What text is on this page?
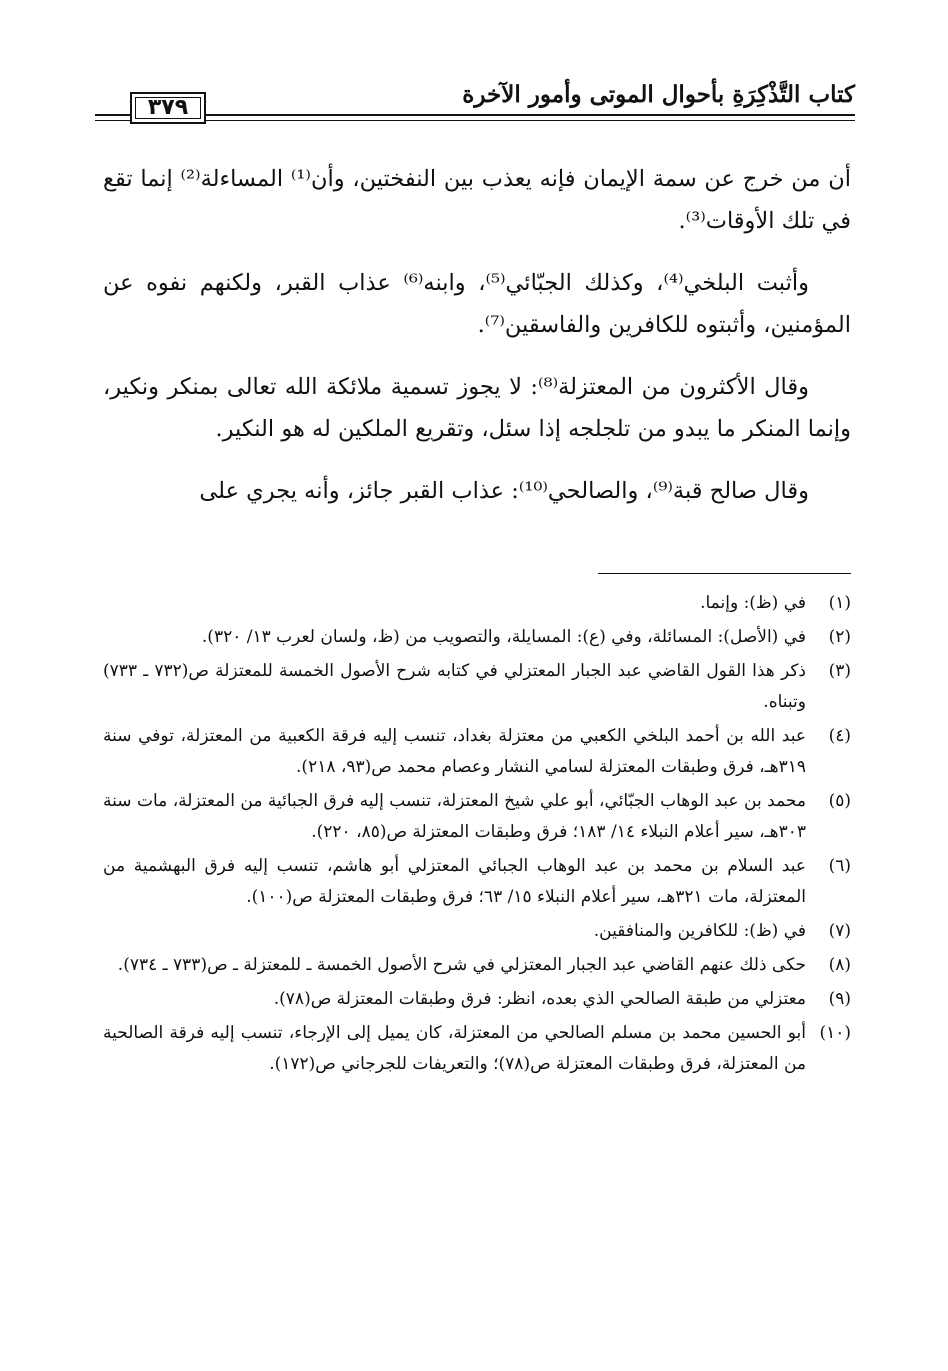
كتاب التَّذْكِرَةِ بأحوال الموتى وأمور الآخرة
٣٧٩

أن من خرج عن سمة الإيمان فإنه يعذب بين النفختين، وأن⁽¹⁾ المساءلة⁽²⁾ إنما تقع في تلك الأوقات⁽³⁾.

وأثبت البلخي⁽⁴⁾، وكذلك الجبّائي⁽⁵⁾، وابنه⁽⁶⁾ عذاب القبر، ولكنهم نفوه عن المؤمنين، وأثبتوه للكافرين والفاسقين⁽⁷⁾.

وقال الأكثرون من المعتزلة⁽⁸⁾: لا يجوز تسمية ملائكة الله تعالى بمنكر ونكير، وإنما المنكر ما يبدو من تلجلجه إذا سئل، وتقريع الملكين له هو النكير.

وقال صالح قبة⁽⁹⁾، والصالحي⁽¹⁰⁾: عذاب القبر جائز، وأنه يجري على

(١)
في (ظ): وإنما.
(٢)
في (الأصل): المسائلة، وفي (ع): المسايلة، والتصويب من (ظ، ولسان لعرب ١٣/ ٣٢٠).
(٣)
ذكر هذا القول القاضي عبد الجبار المعتزلي في كتابه شرح الأصول الخمسة للمعتزلة ص(٧٣٢ ـ ٧٣٣) وتبناه.
(٤)
عبد الله بن أحمد البلخي الكعبي من معتزلة بغداد، تنسب إليه فرقة الكعبية من المعتزلة، توفي سنة ٣١٩هـ، فرق وطبقات المعتزلة لسامي النشار وعصام محمد ص(٩٣، ٢١٨).
(٥)
محمد بن عبد الوهاب الجبّائي، أبو علي شيخ المعتزلة، تنسب إليه فرق الجبائية من المعتزلة، مات سنة ٣٠٣هـ، سير أعلام النبلاء ١٤/ ١٨٣؛ فرق وطبقات المعتزلة ص(٨٥، ٢٢٠).
(٦)
عبد السلام بن محمد بن عبد الوهاب الجبائي المعتزلي أبو هاشم، تنسب إليه فرق البهشمية من المعتزلة، مات ٣٢١هـ، سير أعلام النبلاء ١٥/ ٦٣؛ فرق وطبقات المعتزلة ص(١٠٠).
(٧)
في (ظ): للكافرين والمنافقين.
(٨)
حكى ذلك عنهم القاضي عبد الجبار المعتزلي في شرح الأصول الخمسة ـ للمعتزلة ـ ص(٧٣٣ ـ ٧٣٤).
(٩)
معتزلي من طبقة الصالحي الذي بعده، انظر: فرق وطبقات المعتزلة ص(٧٨).
(١٠)
أبو الحسين محمد بن مسلم الصالحي من المعتزلة، كان يميل إلى الإرجاء، تنسب إليه فرقة الصالحية من المعتزلة، فرق وطبقات المعتزلة ص(٧٨)؛ والتعريفات للجرجاني ص(١٧٢).
